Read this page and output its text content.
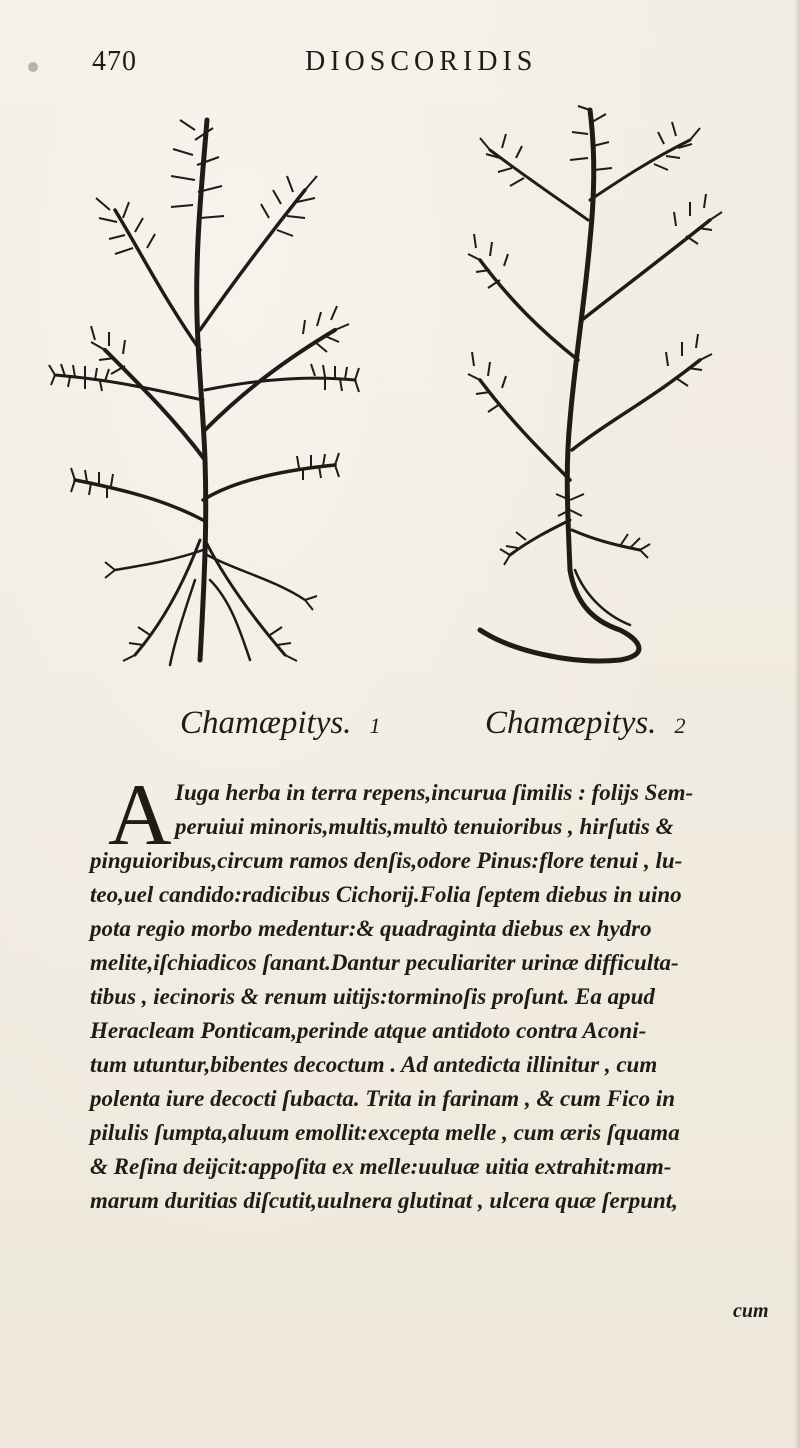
470	DIOSCORIDIS
Chamæpitys. 1	Chamæpitys. 2
A Iuga herba in terra repens,incurua ſimilis : folijs Sem-
peruiui minoris,multis,multò tenuioribus , hirſutis &
pinguioribus,circum ramos denſis,odore Pinus:flore tenui , lu-
teo,uel candido:radicibus Cichorij.Folia ſeptem diebus in uino
pota regio morbo medentur:& quadraginta diebus ex hydro
melite,iſchiadicos ſanant.Dantur peculiariter urinæ difficulta-
tibus , iecinoris & renum uitijs:torminoſis proſunt. Ea apud
Heracleam Ponticam,perinde atque antidoto contra Aconi-
tum utuntur,bibentes decoctum . Ad antedicta illinitur , cum
polenta iure decocti ſubacta. Trita in farinam , & cum Fico in
pilulis ſumpta,aluum emollit:excepta melle , cum æris ſquama
& Reſina deijcit:appoſita ex melle:uuluæ uitia extrahit:mam-
marum duritias diſcutit,uulnera glutinat , ulcera quæ ſerpunt,
cum
